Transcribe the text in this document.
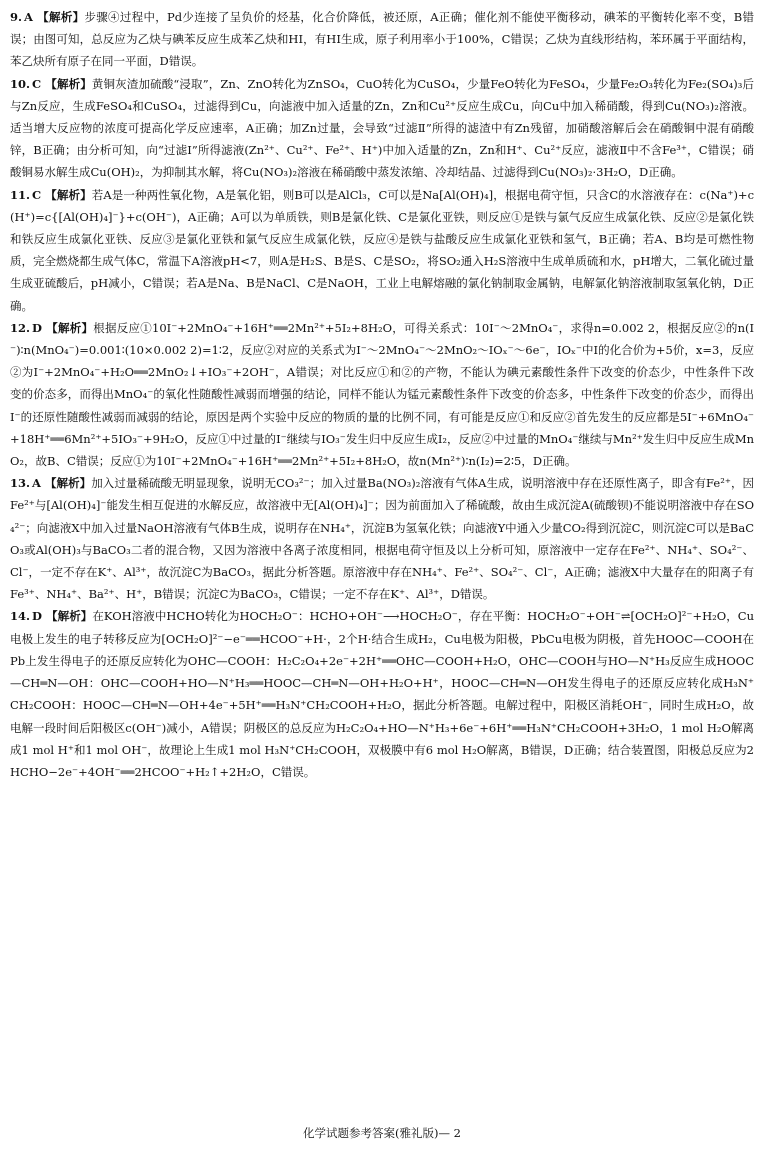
9. A 【解析】步骤④过程中，Pd少连接了呈负价的烃基，化合价降低，被还原，A正确；催化剂不能使平衡移动，碘苯的平衡转化率不变，B错误；由图可知，总反应为乙炔与碘苯反应生成苯乙炔和HI，有HI生成，原子利用率小于100%，C错误；乙炔为直线形结构，苯环属于平面结构，苯乙炔所有原子在同一平面，D错误。

10. C 【解析】黄铜灰渣加硫酸“浸取”，Zn、ZnO转化为ZnSO₄，CuO转化为CuSO₄，少量FeO转化为FeSO₄，少量Fe₂O₃转化为Fe₂(SO₄)₃后与Zn反应，生成FeSO₄和CuSO₄，过滤得到Cu，向滤液中加入适量的Zn，Zn和Cu²⁺反应生成Cu，向Cu中加入稀硝酸，得到Cu(NO₃)₂溶液。适当增大反应物的浓度可提高化学反应速率，A正确；加Zn过量，会导致“过滤Ⅱ”所得的滤渣中有Zn残留，加硝酸溶解后会在硝酸铜中混有硝酸锌，B正确；由分析可知，向“过滤Ⅰ”所得滤液(Zn²⁺、Cu²⁺、Fe²⁺、H⁺)中加入适量的Zn，Zn和H⁺、Cu²⁺反应，滤液Ⅱ中不含Fe³⁺，C错误；硝酸铜易水解生成Cu(OH)₂，为抑制其水解，将Cu(NO₃)₂溶液在稀硝酸中蒸发浓缩、冷却结晶、过滤得到Cu(NO₃)₂·3H₂O，D正确。

11. C 【解析】若A是一种两性氧化物，A是氧化铝，则B可以是AlCl₃，C可以是Na[Al(OH)₄]，根据电荷守恒，只含C的水溶液存在：c(Na⁺)+c(H⁺)=c{[Al(OH)₄]⁻}+c(OH⁻)，A正确；A可以为单质铁，则B是氯化铁、C是氯化亚铁，则反应①是铁与氯气反应生成氯化铁、反应②是氯化铁和铁反应生成氯化亚铁、反应③是氯化亚铁和氯气反应生成氯化铁，反应④是铁与盐酸反应生成氯化亚铁和氢气，B正确；若A、B均是可燃性物质，完全燃烧都生成气体C，常温下A溶液pH<7，则A是H₂S、B是S、C是SO₂，将SO₂通入H₂S溶液中生成单质硫和水，pH增大，二氧化硫过量生成亚硫酸后，pH减小，C错误；若A是Na、B是NaCl、C是NaOH，工业上电解熔融的氯化钠制取金属钠，电解氯化钠溶液制取氢氧化钠，D正确。

12. D 【解析】根据反应①10I⁻+2MnO₄⁻+16H⁺══2Mn²⁺+5I₂+8H₂O，可得关系式：10I⁻～2MnO₄⁻，求得n=0.002 2，根据反应②的n(I⁻)∶n(MnO₄⁻)=0.001∶(10×0.002 2)=1∶2，反应②对应的关系式为I⁻～2MnO₄⁻～2MnO₂～IOₓ⁻～6e⁻，IOₓ⁻中I的化合价为+5价，x=3，反应②为I⁻+2MnO₄⁻+H₂O══2MnO₂↓+IO₃⁻+2OH⁻，A错误；对比反应①和②的产物，不能认为碘元素酸性条件下改变的价态少，中性条件下改变的价态多，而得出MnO₄⁻的氧化性随酸性减弱而增强的结论，同样不能认为锰元素酸性条件下改变的价态多，中性条件下改变的价态少，而得出I⁻的还原性随酸性减弱而减弱的结论，原因是两个实验中反应的物质的量的比例不同，有可能是反应①和反应②首先发生的反应都是5I⁻+6MnO₄⁻+18H⁺══6Mn²⁺+5IO₃⁻+9H₂O，反应①中过量的I⁻继续与IO₃⁻发生归中反应生成I₂，反应②中过量的MnO₄⁻继续与Mn²⁺发生归中反应生成MnO₂，故B、C错误；反应①为10I⁻+2MnO₄⁻+16H⁺══2Mn²⁺+5I₂+8H₂O，故n(Mn²⁺)∶n(I₂)=2∶5，D正确。

13. A 【解析】加入过量稀硫酸无明显现象，说明无CO₃²⁻；加入过量Ba(NO₃)₂溶液有气体A生成，说明溶液中存在还原性离子，即含有Fe²⁺，因Fe²⁺与[Al(OH)₄]⁻能发生相互促进的水解反应，故溶液中无[Al(OH)₄]⁻；因为前面加入了稀硫酸，故由生成沉淀A(硫酸钡)不能说明溶液中存在SO₄²⁻；向滤液X中加入过量NaOH溶液有气体B生成，说明存在NH₄⁺，沉淀B为氢氧化铁；向滤液Y中通入少量CO₂得到沉淀C，则沉淀C可以是BaCO₃或Al(OH)₃与BaCO₃二者的混合物，又因为溶液中各离子浓度相同，根据电荷守恒及以上分析可知，原溶液中一定存在Fe²⁺、NH₄⁺、SO₄²⁻、Cl⁻，一定不存在K⁺、Al³⁺，故沉淀C为BaCO₃，据此分析答题。原溶液中存在NH₄⁺、Fe²⁺、SO₄²⁻、Cl⁻，A正确；滤液X中大量存在的阳离子有Fe³⁺、NH₄⁺、Ba²⁺、H⁺，B错误；沉淀C为BaCO₃，C错误；一定不存在K⁺、Al³⁺，D错误。

14. D 【解析】在KOH溶液中HCHO转化为HOCH₂O⁻：HCHO+OH⁻⟶HOCH₂O⁻，存在平衡：HOCH₂O⁻+OH⁻⇌[OCH₂O]²⁻+H₂O，Cu电极上发生的电子转移反应为[OCH₂O]²⁻−e⁻══HCOO⁻+H·，2个H·结合生成H₂，Cu电极为阳极，PbCu电极为阴极，首先HOOC—COOH在Pb上发生得电子的还原反应转化为OHC—COOH：H₂C₂O₄+2e⁻+2H⁺══OHC—COOH+H₂O，OHC—COOH与HO—N⁺H₃反应生成HOOC—CH═N—OH：OHC—COOH+HO—N⁺H₃══HOOC—CH═N—OH+H₂O+H⁺，HOOC—CH═N—OH发生得电子的还原反应转化成H₃N⁺CH₂COOH：HOOC—CH═N—OH+4e⁻+5H⁺══H₃N⁺CH₂COOH+H₂O，据此分析答题。电解过程中，阳极区消耗OH⁻，同时生成H₂O，故电解一段时间后阳极区c(OH⁻)减小，A错误；阴极区的总反应为H₂C₂O₄+HO—N⁺H₃+6e⁻+6H⁺══H₃N⁺CH₂COOH+3H₂O，1 mol H₂O解离成1 mol H⁺和1 mol OH⁻，故理论上生成1 mol H₃N⁺CH₂COOH，双极膜中有6 mol H₂O解离，B错误，D正确；结合装置图，阳极总反应为2HCHO−2e⁻+4OH⁻══2HCOO⁻+H₂↑+2H₂O，C错误。

化学试题参考答案(雅礼版)— 2
